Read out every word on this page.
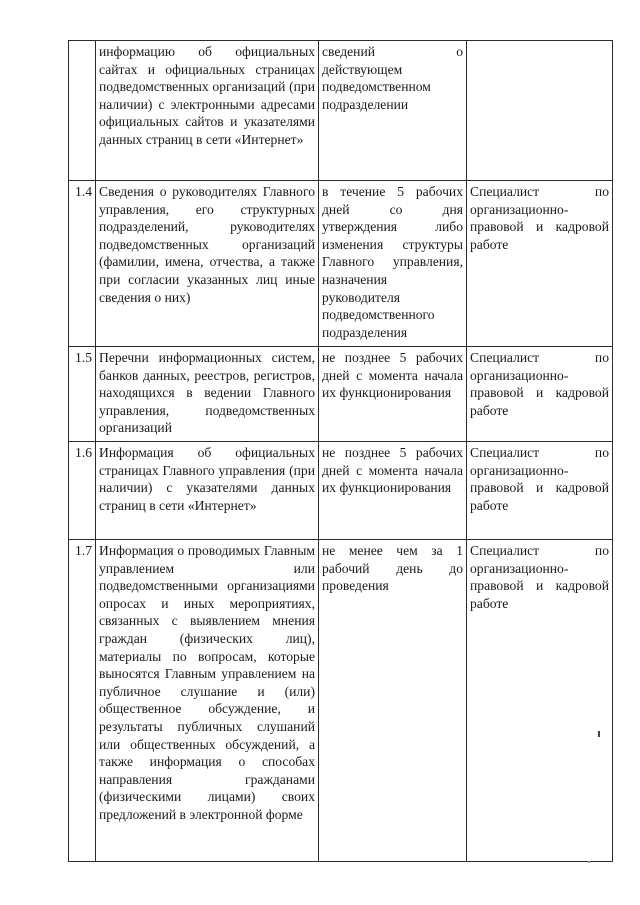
	информацию об официальных сайтах и официальных страницах подведомственных организаций (при наличии) с электронными адресами официальных сайтов и указателями данных страниц в сети «Интернет»	сведений о действующем подведомственном подразделении	
1.4	Сведения о руководителях Главного управления, его структурных подразделений, руководителях подведомственных организаций (фамилии, имена, отчества, а также при согласии указанных лиц иные сведения о них)	в течение 5 рабочих дней со дня утверждения либо изменения структуры Главного управления, назначения руководителя подведомственного подразделения	Специалист по организационно-правовой и кадровой работе
1.5	Перечни информационных систем, банков данных, реестров, регистров, находящихся в ведении Главного управления, подведомственных организаций	не позднее 5 рабочих дней с момента начала их функционирования	Специалист по организационно-правовой и кадровой работе
1.6	Информация об официальных страницах Главного управления (при наличии) с указателями данных страниц в сети «Интернет»	не позднее 5 рабочих дней с момента начала их функционирования	Специалист по организационно-правовой и кадровой работе
1.7	Информация о проводимых Главным управлением или подведомственными организациями опросах и иных мероприятиях, связанных с выявлением мнения граждан (физических лиц), материалы по вопросам, которые выносятся Главным управлением на публичное слушание и (или) общественное обсуждение, и результаты публичных слушаний или общественных обсуждений, а также информация о способах направления гражданами (физическими лицами) своих предложений в электронной форме	не менее чем за 1 рабочий день до проведения	Специалист по организационно-правовой и кадровой работе
